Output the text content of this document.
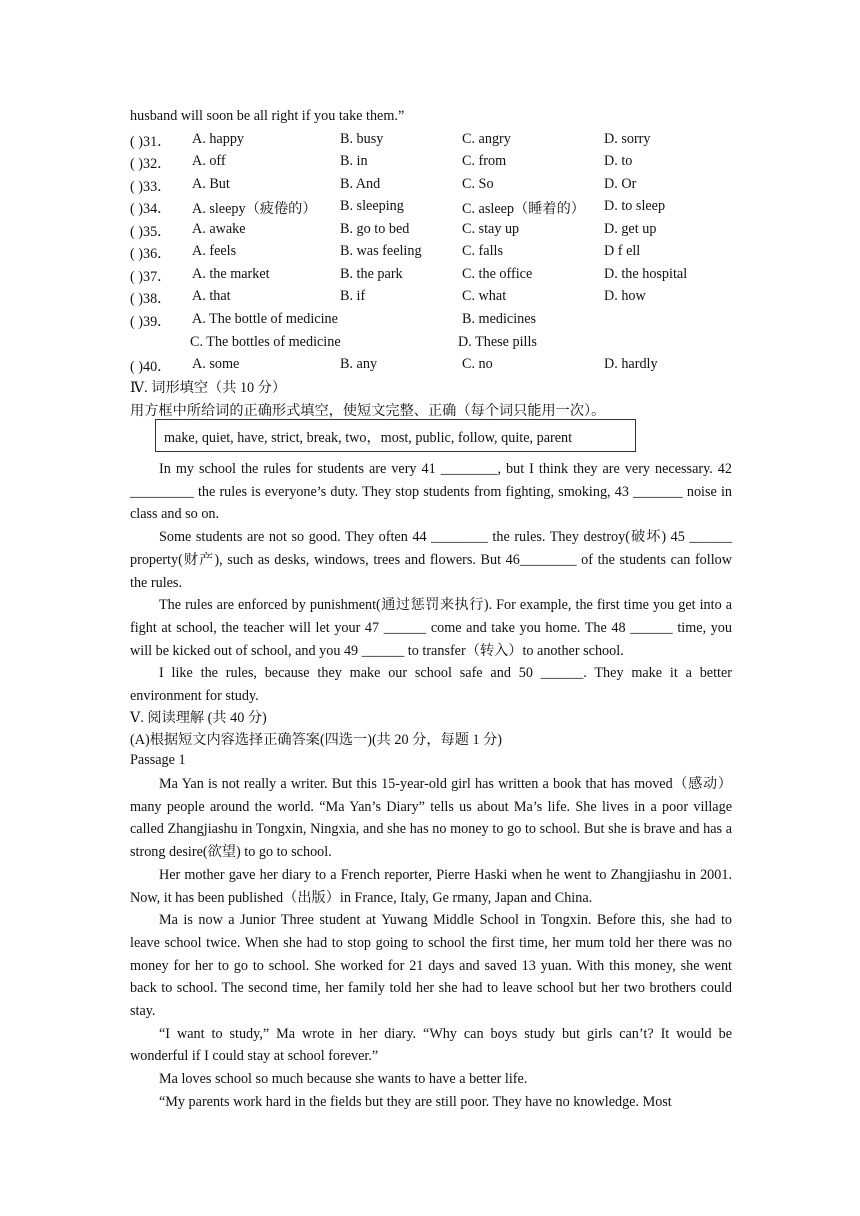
husband will soon be all right if you take them.”
( )31． A. happy	B. busy	C. angry	D. sorry
( )32． A. off	B. in	C. from	D. to
( )33． A. But	B. And	C. So	D. Or
( )34． A. sleepy（疲倦的） B. sleeping	C. asleep（睡着的） D. to sleep
( )35． A. awake	B. go to bed	C. stay up	D. get up
( )36． A. feels	B. was feeling	C. falls	D f ell
( )37． A. the market	B. the park	C. the office	D. the hospital
( )38． A. that	B. if	C. what	D. how
( )39． A. The bottle of medicine	B. medicines
C. The bottles of medicine	D. These pills
( )40． A. some	B. any	C. no	D. hardly
Ⅳ. 词形填空（共 10 分）
用方框中所给词的正确形式填空，使短文完整、正确（每个词只能用一次）。
make, quiet, have, strict, break, two，most, public, follow, quite, parent

In my school the rules for students are very 41 ________, but I think they are very necessary. 42 _________ the rules is everyone’s duty. They stop students from fighting, smoking, 43 _______ noise in class and so on.

Some students are not so good. They often 44 ________ the rules. They destroy(破坏) 45 ______ property(财产), such as desks, windows, trees and flowers. But 46________ of the students can follow the rules.

The rules are enforced by punishment(通过惩罚来执行). For example, the first time you get into a fight at school, the teacher will let your 47 ______ come and take you home. The 48 ______ time, you will be kicked out of school, and you 49 ______ to transfer（转入）to another school.

I like the rules, because they make our school safe and 50 ______. They make it a better environment for study.

Ⅴ. 阅读理解 (共 40 分)
(A)根据短文内容选择正确答案(四选一)(共 20 分，每题 1 分)
Passage 1

Ma Yan is not really a writer. But this 15-year-old girl has written a book that has moved（感动）many people around the world. “Ma Yan’s Diary” tells us about Ma’s life. She lives in a poor village called Zhangjiashu in Tongxin, Ningxia, and she has no money to go to school. But she is brave and has a strong desire(欲望) to go to school.

Her mother gave her diary to a French reporter, Pierre Haski when he went to Zhangjiashu in 2001. Now, it has been published（出版）in France, Italy, Ge rmany, Japan and China.

Ma is now a Junior Three student at Yuwang Middle School in Tongxin. Before this, she had to leave school twice. When she had to stop going to school the first time, her mum told her there was no money for her to go to school. She worked for 21 days and saved 13 yuan. With this money, she went back to school. The second time, her family told her she had to leave school but her two brothers could stay.

“I want to study,” Ma wrote in her diary. “Why can boys study but girls can’t? It would be wonderful if I could stay at school forever.”

Ma loves school so much because she wants to have a better life.

“My parents work hard in the fields but they are still poor. They have no knowledge. Most
